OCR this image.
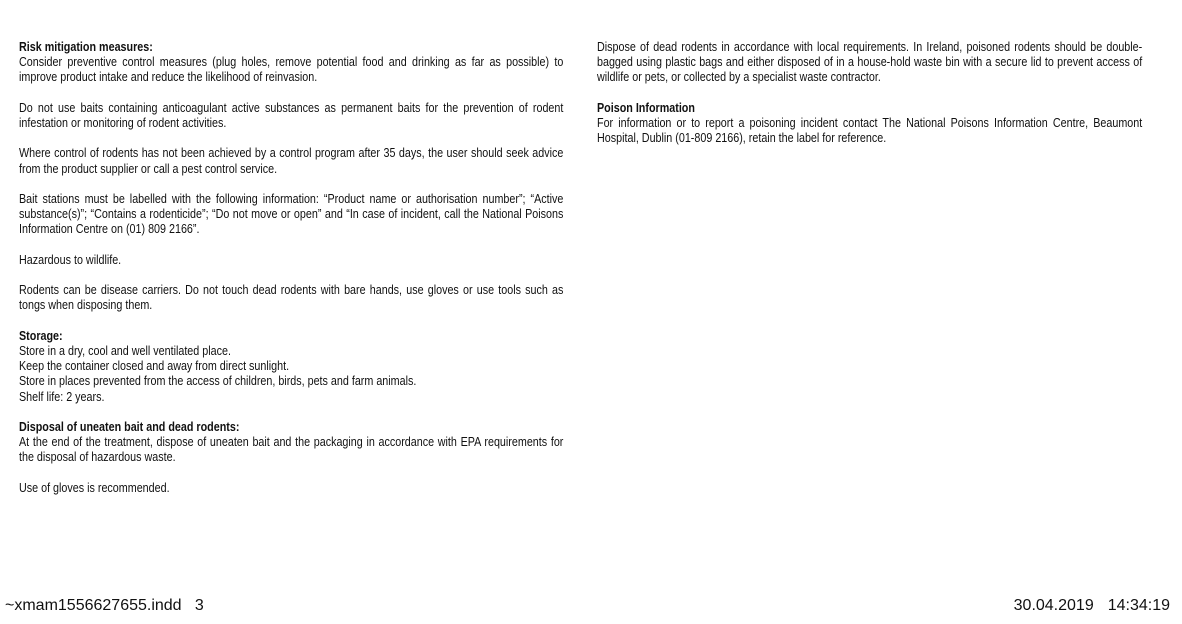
Risk mitigation measures:
Consider preventive control measures (plug holes, remove potential food and drinking as far as possible) to improve product intake and reduce the likelihood of reinvasion.

Do not use baits containing anticoagulant active substances as permanent baits for the prevention of rodent infestation or monitoring of rodent activities.

Where control of rodents has not been achieved by a control program after 35 days, the user should seek advice from the product supplier or call a pest control service.

Bait stations must be labelled with the following information: “Product name or authorisation number”; “Active substance(s)”; “Contains a rodenticide”; “Do not move or open” and “In case of incident, call the National Poisons Information Centre on (01) 809 2166”.

Hazardous to wildlife.

Rodents can be disease carriers. Do not touch dead rodents with bare hands, use gloves or use tools such as tongs when disposing them.

Storage:
Store in a dry, cool and well ventilated place.
Keep the container closed and away from direct sunlight.
Store in places prevented from the access of children, birds, pets and farm animals.
Shelf life: 2 years.

Disposal of uneaten bait and dead rodents:
At the end of the treatment, dispose of uneaten bait and the packaging in accordance with EPA requirements for the disposal of hazardous waste.

Use of gloves is recommended.

Dispose of dead rodents in accordance with local requirements. In Ireland, poisoned rodents should be double-bagged using plastic bags and either disposed of in a house-hold waste bin with a secure lid to prevent access of wildlife or pets, or collected by a specialist waste contractor.

Poison Information
For information or to report a poisoning incident contact The National Poisons Information Centre, Beaumont Hospital, Dublin (01-809 2166), retain the label for reference.

~xmam1556627655.indd   3	30.04.2019 14:34:19
